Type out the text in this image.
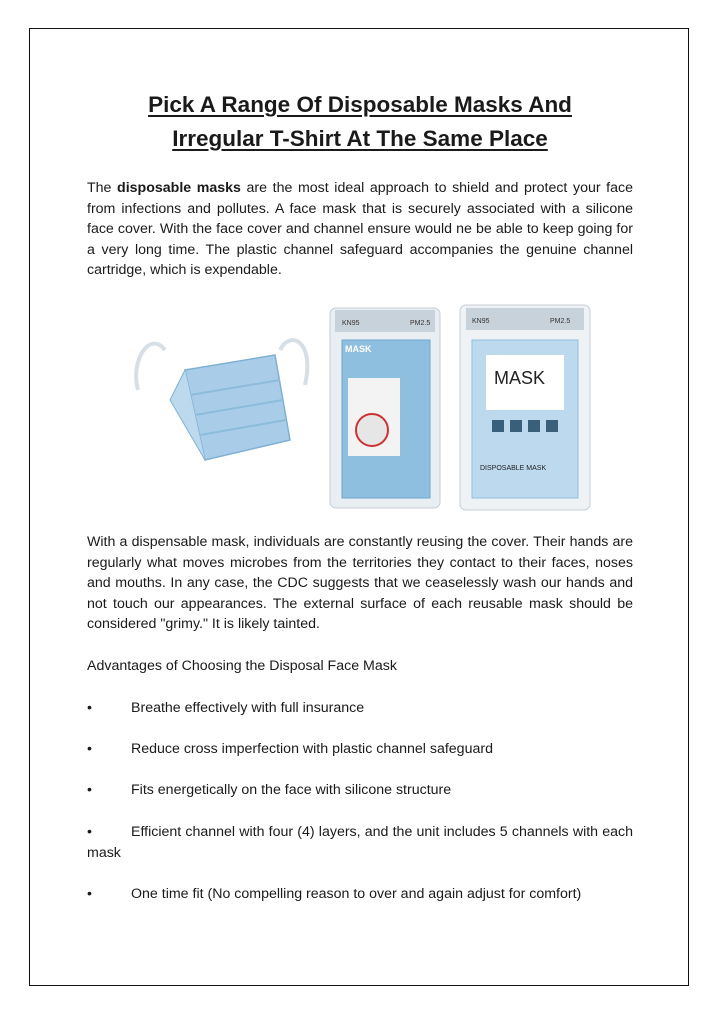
Pick A Range Of Disposable Masks And
Irregular T-Shirt At The Same Place

The disposable masks are the most ideal approach to shield and protect your face from infections and pollutes. A face mask that is securely associated with a silicone face cover. With the face cover and channel ensure would ne be able to keep going for a very long time. The plastic channel safeguard accompanies the genuine channel cartridge, which is expendable.

KN95	PM2.5
MASK
KN95	PM2.5
MASK
DISPOSABLE MASK

With a dispensable mask, individuals are constantly reusing the cover. Their hands are regularly what moves microbes from the territories they contact to their faces, noses and mouths. In any case, the CDC suggests that we ceaselessly wash our hands and not touch our appearances. The external surface of each reusable mask should be considered "grimy." It is likely tainted.

Advantages of Choosing the Disposal Face Mask
•	Breathe effectively with full insurance
•	Reduce cross imperfection with plastic channel safeguard
•	Fits energetically on the face with silicone structure
•	Efficient channel with four (4) layers, and the unit includes 5 channels with each mask
•	One time fit (No compelling reason to over and again adjust for comfort)
